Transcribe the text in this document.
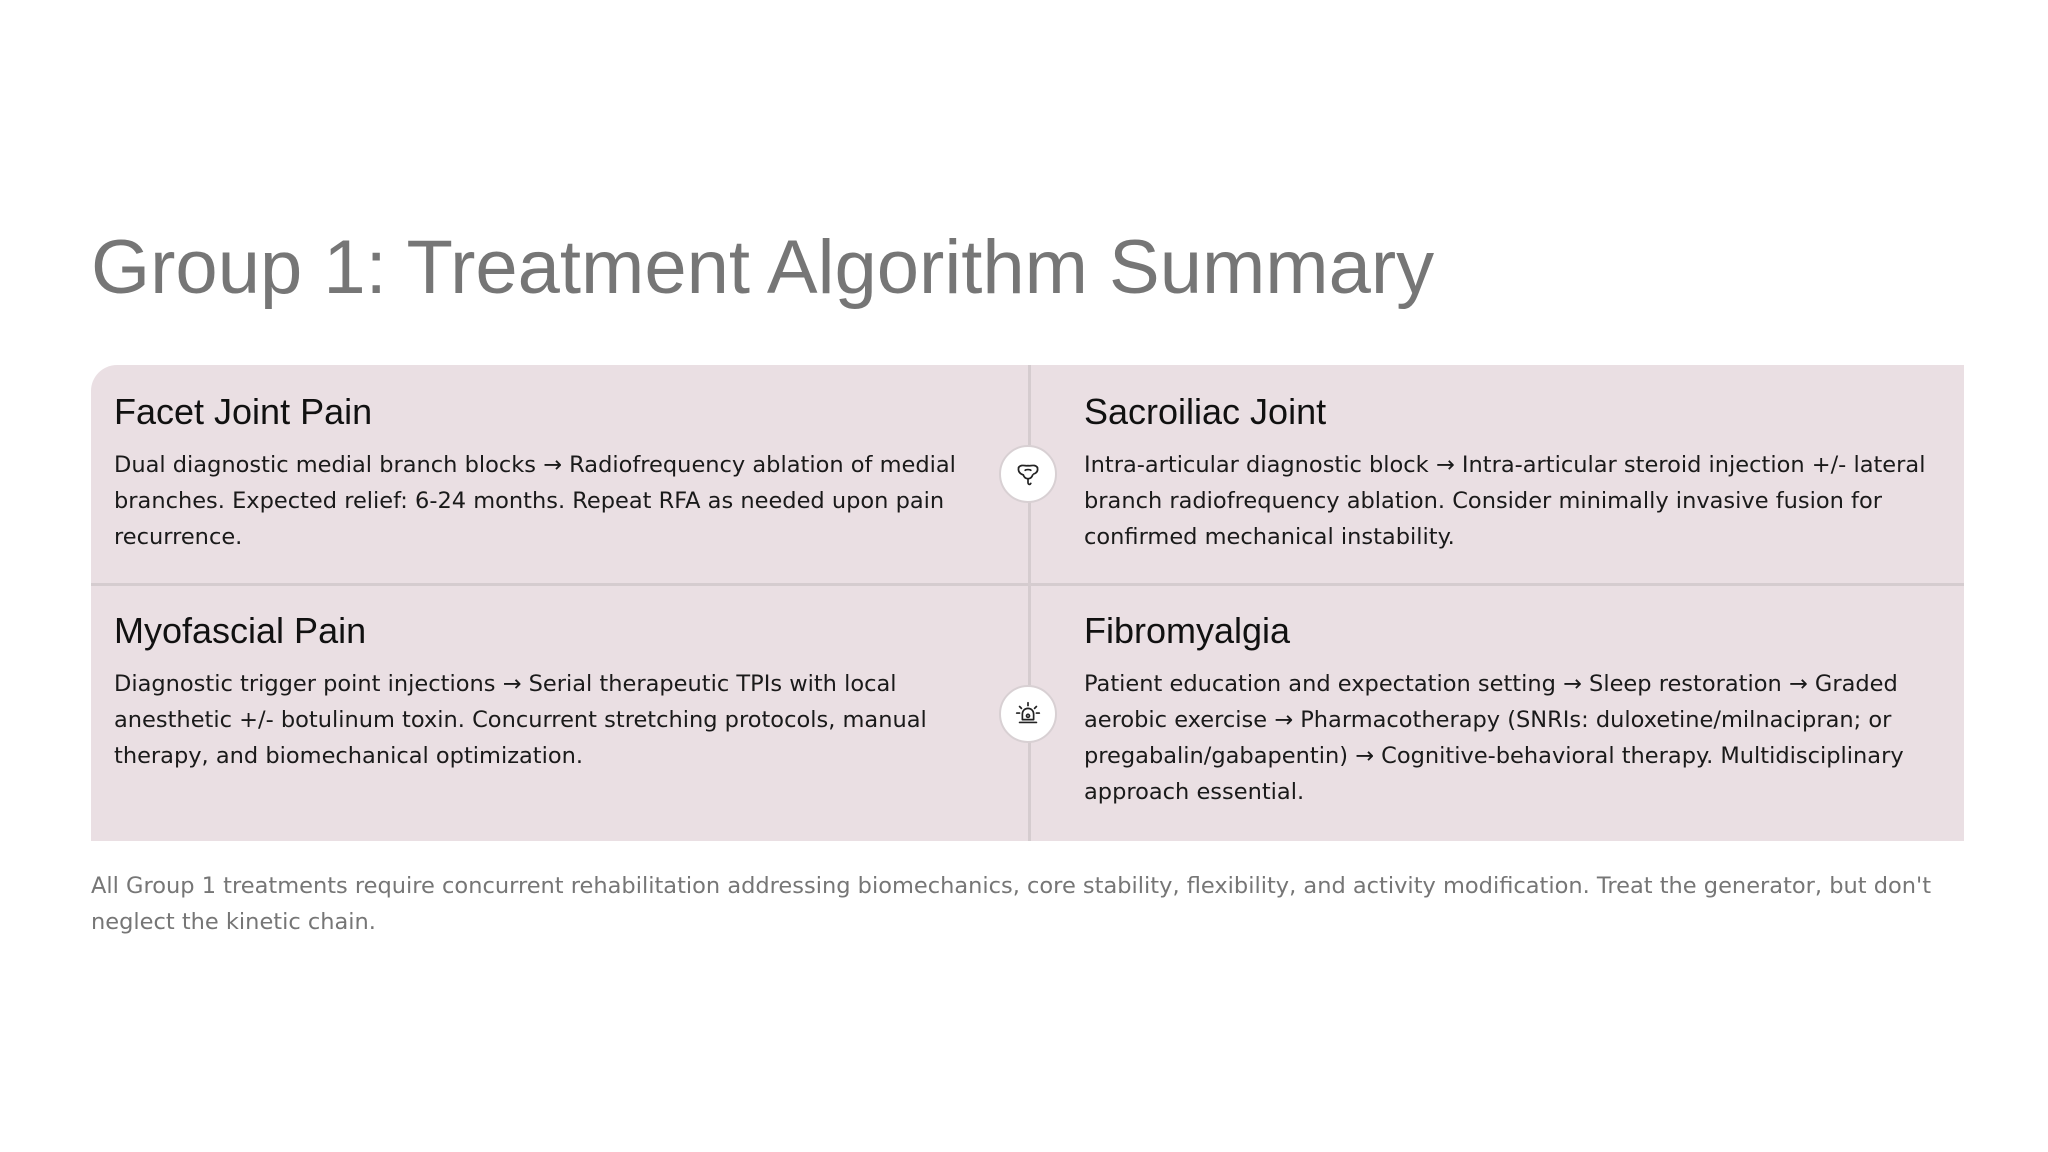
Group 1: Treatment Algorithm Summary
Facet Joint Pain

Dual diagnostic medial branch blocks → Radiofrequency ablation of medial branches. Expected relief: 6-24 months. Repeat RFA as needed upon pain recurrence.

Sacroiliac Joint

Intra-articular diagnostic block → Intra-articular steroid injection +/- lateral branch radiofrequency ablation. Consider minimally invasive fusion for confirmed mechanical instability.

Myofascial Pain

Diagnostic trigger point injections → Serial therapeutic TPIs with local anesthetic +/- botulinum toxin. Concurrent stretching protocols, manual therapy, and biomechanical optimization.

Fibromyalgia

Patient education and expectation setting → Sleep restoration → Graded aerobic exercise → Pharmacotherapy (SNRIs: duloxetine/milnacipran; or pregabalin/gabapentin) → Cognitive-behavioral therapy. Multidisciplinary approach essential.

All Group 1 treatments require concurrent rehabilitation addressing biomechanics, core stability, flexibility, and activity modification. Treat the generator, but don't neglect the kinetic chain.
